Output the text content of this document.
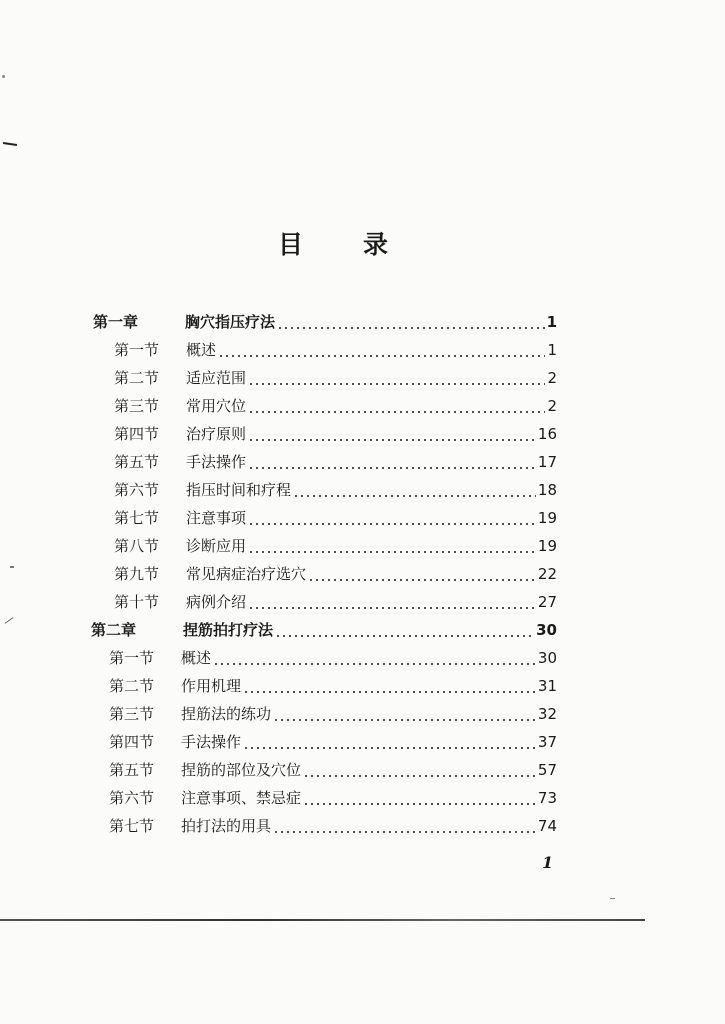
目 录
第一章	胸穴指压疗法	1
第一节	概述	1
第二节	适应范围	2
第三节	常用穴位	2
第四节	治疗原则	16
第五节	手法操作	17
第六节	指压时间和疗程	18
第七节	注意事项	19
第八节	诊断应用	19
第九节	常见病症治疗选穴	22
第十节	病例介绍	27
第二章	捏筋拍打疗法	30
第一节	概述	30
第二节	作用机理	31
第三节	捏筋法的练功	32
第四节	手法操作	37
第五节	捏筋的部位及穴位	57
第六节	注意事项、禁忌症	73
第七节	拍打法的用具	74
1
